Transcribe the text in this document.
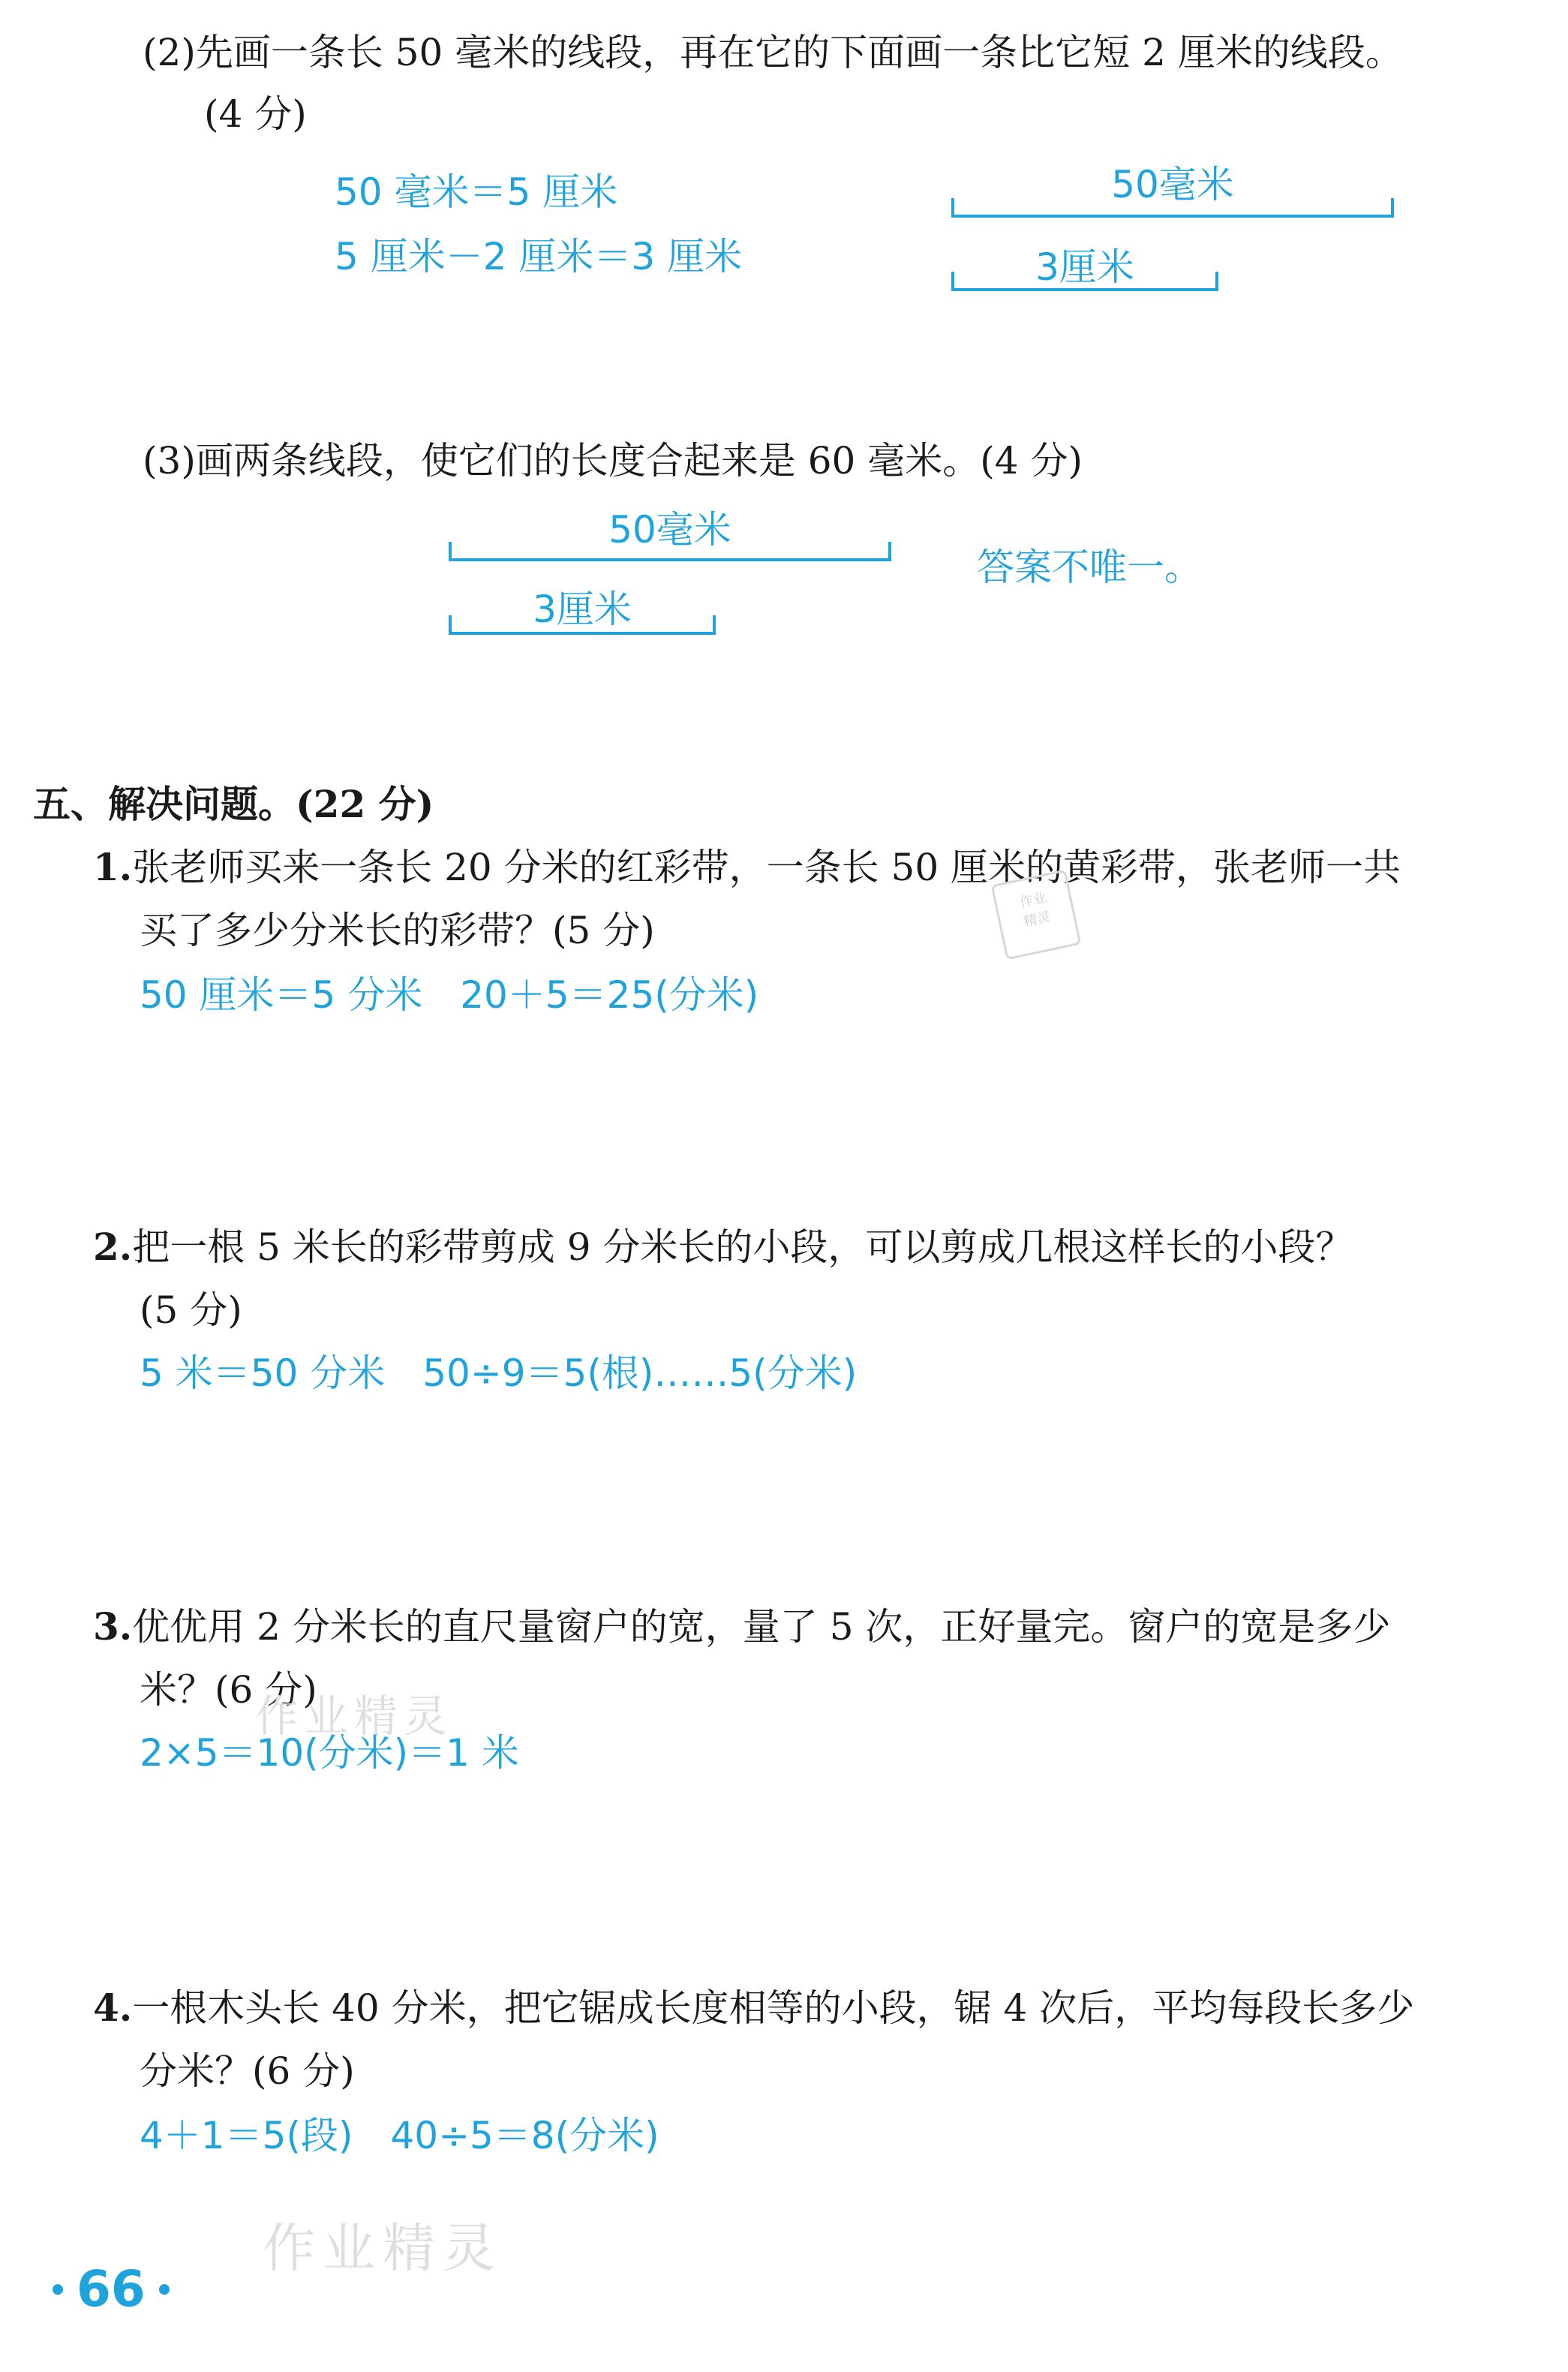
(2)先画一条长 50 毫米的线段，再在它的下面画一条比它短 2 厘米的线段。
(4 分)
50 毫米＝5 厘米
5 厘米－2 厘米＝3 厘米
50毫米
3厘米
(3)画两条线段，使它们的长度合起来是 60 毫米。(4 分)
50毫米
3厘米
答案不唯一。
五、解决问题。(22 分)
1.张老师买来一条长 20 分米的红彩带，一条长 50 厘米的黄彩带，张老师一共
买了多少分米长的彩带？(5 分)
50 厘米＝5 分米　20＋5＝25(分米)
作业
精灵
2.把一根 5 米长的彩带剪成 9 分米长的小段，可以剪成几根这样长的小段？
(5 分)
5 米＝50 分米　50÷9＝5(根)……5(分米)
3.优优用 2 分米长的直尺量窗户的宽，量了 5 次，正好量完。窗户的宽是多少
米？(6 分)
2×5＝10(分米)＝1 米
作业精灵
4.一根木头长 40 分米，把它锯成长度相等的小段，锯 4 次后，平均每段长多少
分米？(6 分)
4＋1＝5(段)　40÷5＝8(分米)
作业精灵
66
